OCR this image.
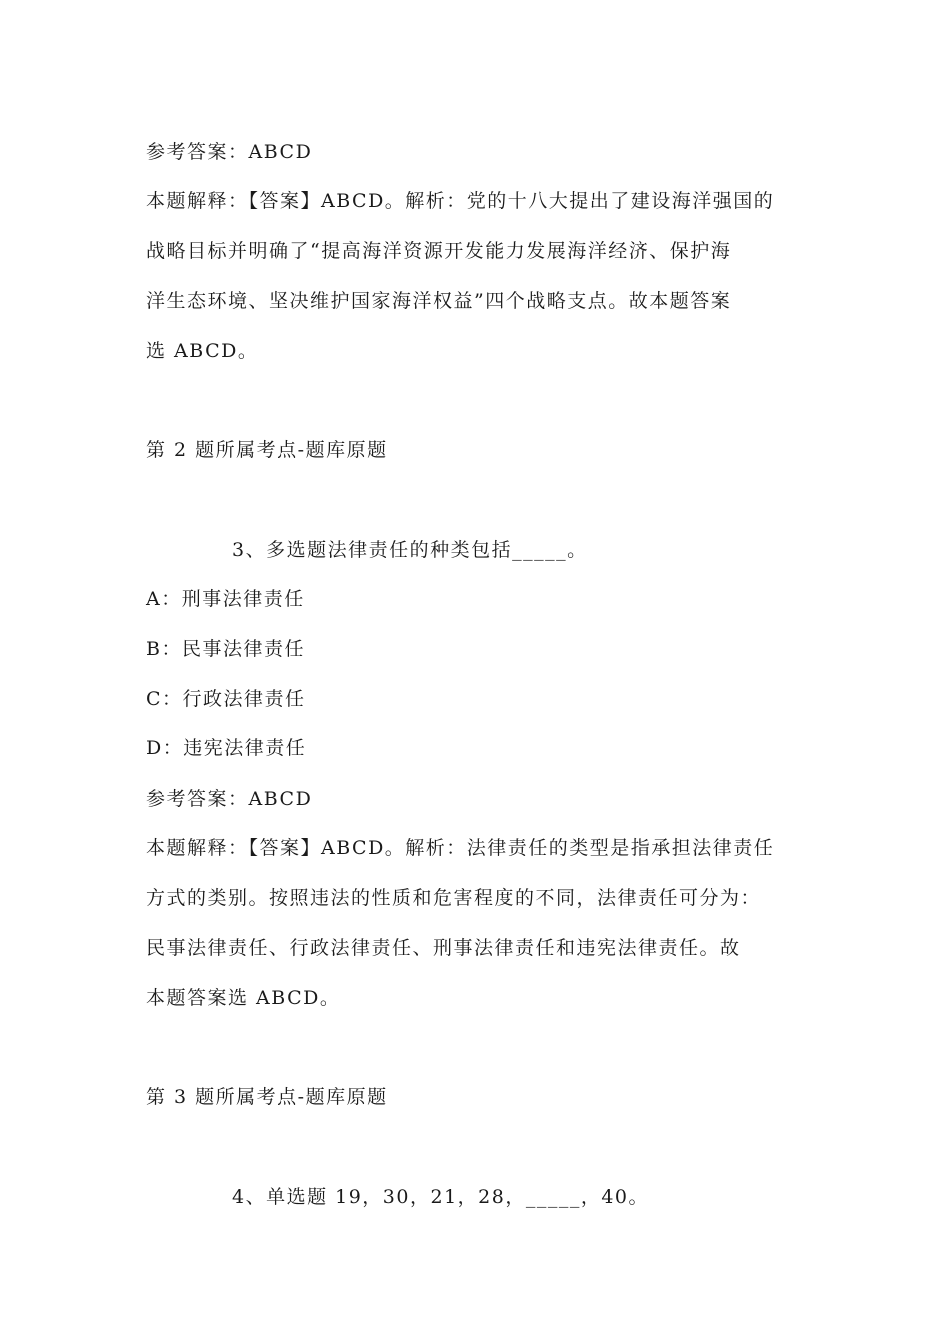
参考答案：ABCD
本题解释：【答案】ABCD。解析：党的十八大提出了建设海洋强国的
战略目标并明确了“提高海洋资源开发能力发展海洋经济、保护海
洋生态环境、坚决维护国家海洋权益”四个战略支点。故本题答案
选 ABCD。
第 2 题所属考点-题库原题
3、多选题法律责任的种类包括_____。
A：刑事法律责任
B：民事法律责任
C：行政法律责任
D：违宪法律责任
参考答案：ABCD
本题解释：【答案】ABCD。解析：法律责任的类型是指承担法律责任
方式的类别。按照违法的性质和危害程度的不同，法律责任可分为：
民事法律责任、行政法律责任、刑事法律责任和违宪法律责任。故
本题答案选 ABCD。
第 3 题所属考点-题库原题
4、单选题 19，30，21，28，_____，40。
